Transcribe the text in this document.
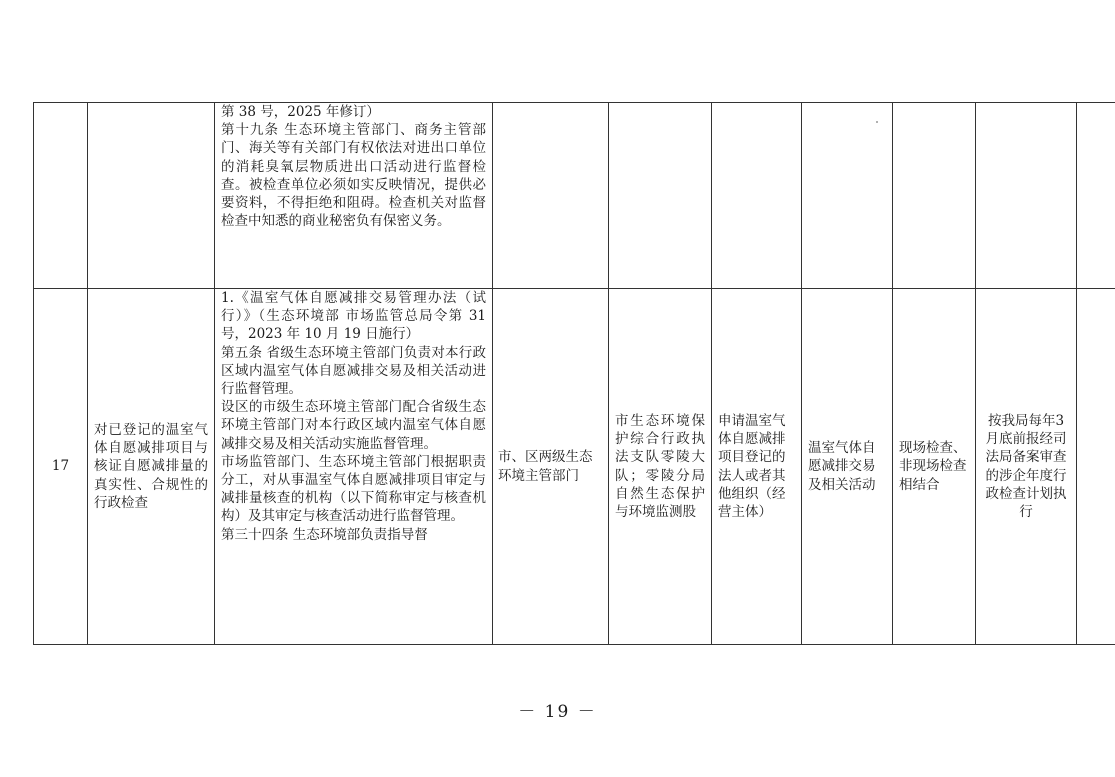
		第 38 号，2025 年修订）
第十九条 生态环境主管部门、商务主管部门、海关等有关部门有权依法对进出口单位的消耗臭氧层物质进出口活动进行监督检查。被检查单位必须如实反映情况，提供必要资料，不得拒绝和阻碍。检查机关对监督检查中知悉的商业秘密负有保密义务。							

17	对已登记的温室气体自愿减排项目与核证自愿减排量的真实性、合规性的行政检查	1.《温室气体自愿减排交易管理办法（试行）》（生态环境部 市场监管总局令第 31 号，2023 年 10 月 19 日施行）
第五条 省级生态环境主管部门负责对本行政区域内温室气体自愿减排交易及相关活动进行监督管理。
设区的市级生态环境主管部门配合省级生态环境主管部门对本行政区域内温室气体自愿减排交易及相关活动实施监督管理。
市场监管部门、生态环境主管部门根据职责分工，对从事温室气体自愿减排项目审定与减排量核查的机构（以下简称审定与核查机构）及其审定与核查活动进行监督管理。
第三十四条 生态环境部负责指导督	市、区两级生态环境主管部门	市生态环境保护综合行政执法支队零陵大队；零陵分局自然生态保护与环境监测股	申请温室气体自愿减排项目登记的法人或者其他组织（经营主体）	温室气体自愿减排交易及相关活动	现场检查、非现场检查相结合	按我局每年3月底前报经司法局备案审查的涉企年度行政检查计划执行	
－ 19 －
